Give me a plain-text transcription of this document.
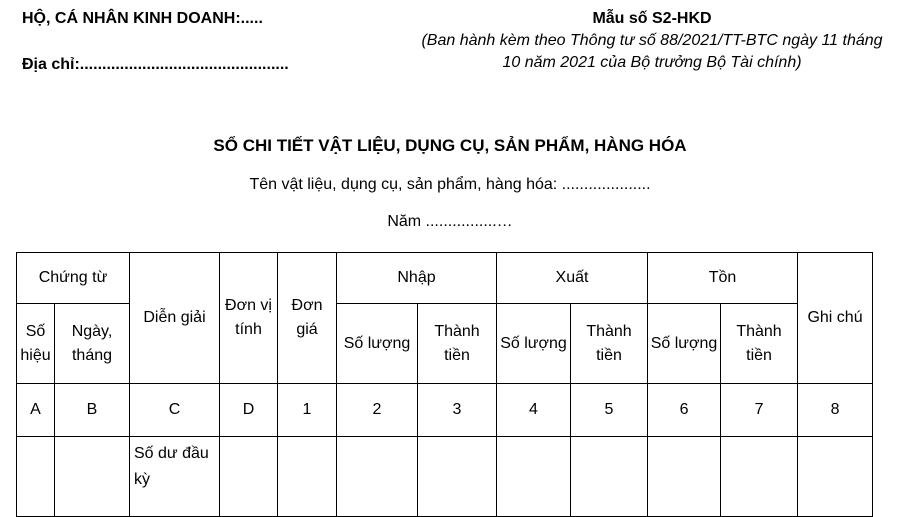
HỘ, CÁ NHÂN KINH DOANH:.....
Địa chỉ:...............................................
Mẫu số S2-HKD
(Ban hành kèm theo Thông tư số 88/2021/TT-BTC ngày 11 tháng 10 năm 2021 của Bộ trưởng Bộ Tài chính)
SỔ CHI TIẾT VẬT LIỆU, DỤNG CỤ, SẢN PHẨM, HÀNG HÓA
Tên vật liệu, dụng cụ, sản phẩm, hàng hóa: ....................
Năm ................…
Chứng từ		Diễn giải	Đơn vị tính	Đơn giá	Nhập		Xuất		Tồn		Ghi chú
Số hiệu	Ngày, tháng				Số lượng	Thành tiền	Số lượng	Thành tiền	Số lượng	Thành tiền	
A	B	C	D	1	2	3	4	5	6	7	8
		Số dư đầu kỳ									
